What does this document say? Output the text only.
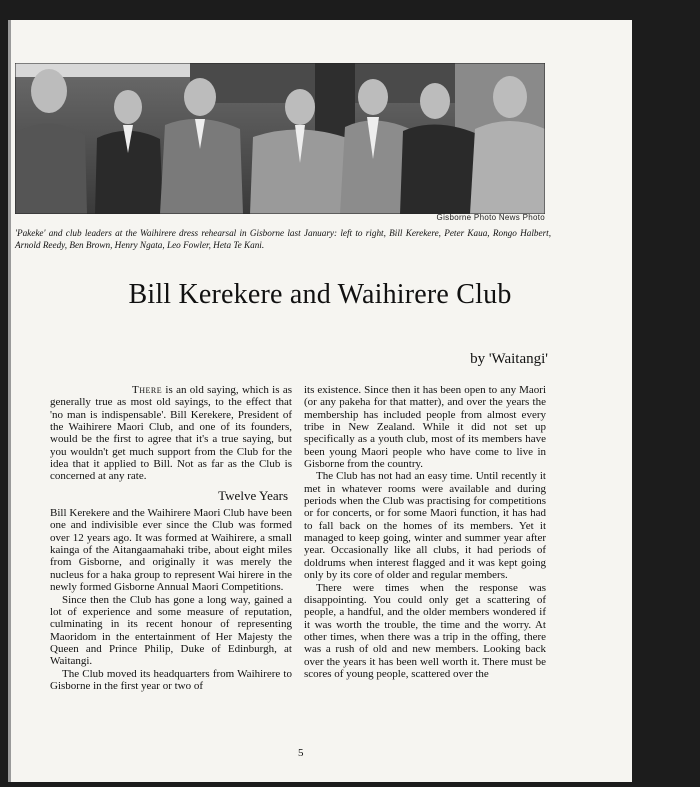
Gisborne Photo News Photo
'Pakeke' and club leaders at the Waihirere dress rehearsal in Gisborne last January: left to right, Bill Kerekere, Peter Kaua, Rongo Halbert, Arnold Reedy, Ben Brown, Henry Ngata, Leo Fowler, Heta Te Kani.
Bill Kerekere and Waihirere Club
by 'Waitangi'

There is an old saying, which is as generally true as most old sayings, to the effect that 'no man is indispensable'. Bill Kerekere, President of the Waihirere Maori Club, and one of its founders, would be the first to agree that it's a true saying, but you wouldn't get much support from the Club for the idea that it applied to Bill. Not as far as the Club is concerned at any rate.

Twelve Years

Bill Kerekere and the Waihirere Maori Club have been one and indivisible ever since the Club was formed over 12 years ago. It was formed at Waihirere, a small kainga of the Aitangaamahaki tribe, about eight miles from Gisborne, and originally it was merely the nucleus for a haka group to represent Wai hirere in the newly formed Gisborne Annual Maori Competitions.

Since then the Club has gone a long way, gained a lot of experience and some measure of reputation, culminating in its recent honour of representing Maoridom in the entertainment of Her Majesty the Queen and Prince Philip, Duke of Edinburgh, at Waitangi.

The Club moved its headquarters from Waihirere to Gisborne in the first year or two of

its existence. Since then it has been open to any Maori (or any pakeha for that matter), and over the years the membership has included people from almost every tribe in New Zealand. While it did not set up specifically as a youth club, most of its members have been young Maori people who have come to live in Gisborne from the country.

The Club has not had an easy time. Until recently it met in whatever rooms were available and during periods when the Club was practising for competitions or for concerts, or for some Maori function, it has had to fall back on the homes of its members. Yet it managed to keep going, winter and summer year after year. Occasionally like all clubs, it had periods of doldrums when interest flagged and it was kept going only by its core of older and regular members.

There were times when the response was disappointing. You could only get a scattering of people, a handful, and the older members wondered if it was worth the trouble, the time and the worry. At other times, when there was a trip in the offing, there was a rush of old and new members. Looking back over the years it has been well worth it. There must be scores of young people, scattered over the

5
